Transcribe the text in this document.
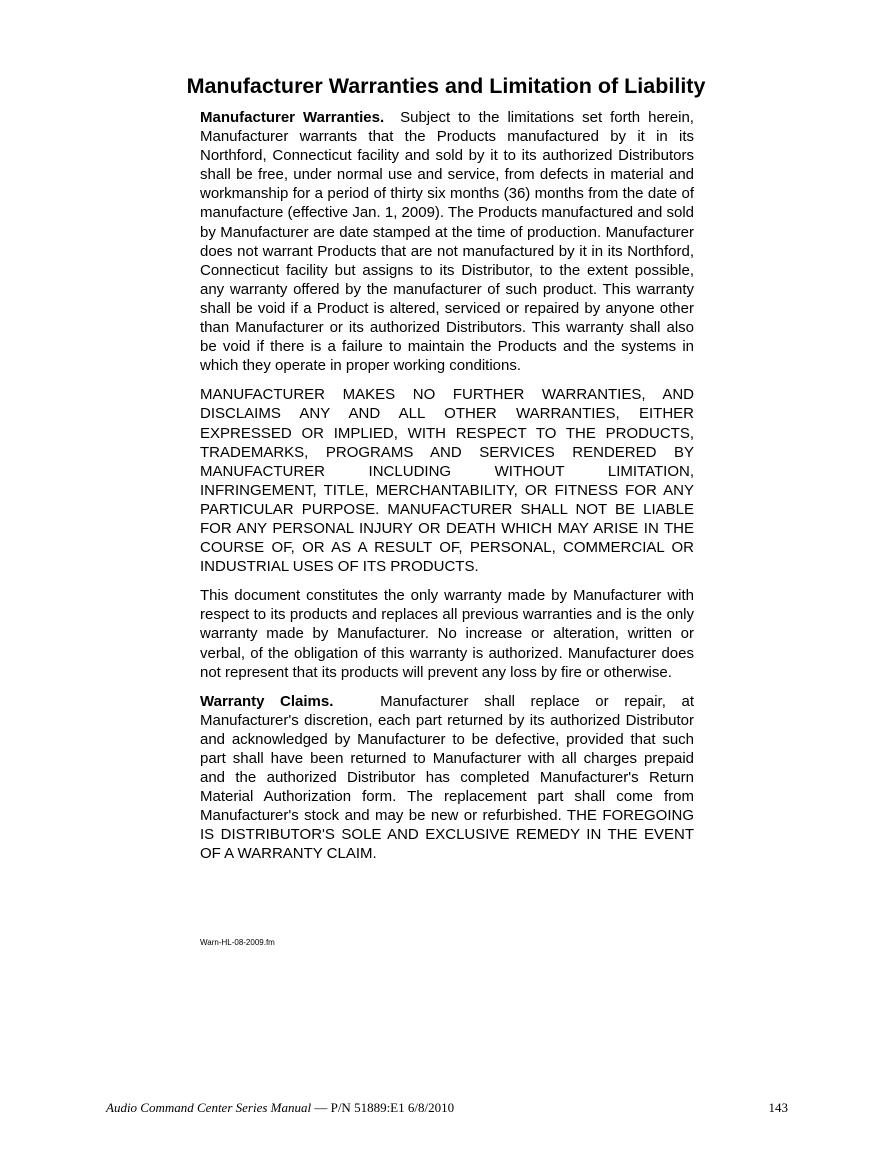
Manufacturer Warranties and Limitation of Liability

Manufacturer Warranties. Subject to the limitations set forth herein, Manufacturer warrants that the Products manufactured by it in its Northford, Connecticut facility and sold by it to its authorized Distributors shall be free, under normal use and service, from defects in material and workmanship for a period of thirty six months (36) months from the date of manufacture (effective Jan. 1, 2009). The Products manufactured and sold by Manufacturer are date stamped at the time of production. Manufacturer does not warrant Products that are not manufactured by it in its Northford, Connecticut facility but assigns to its Distributor, to the extent possible, any warranty offered by the manufacturer of such product. This warranty shall be void if a Product is altered, serviced or repaired by anyone other than Manufacturer or its authorized Distributors. This warranty shall also be void if there is a failure to maintain the Products and the systems in which they operate in proper working conditions.

MANUFACTURER MAKES NO FURTHER WARRANTIES, AND DISCLAIMS ANY AND ALL OTHER WARRANTIES, EITHER EXPRESSED OR IMPLIED, WITH RESPECT TO THE PRODUCTS, TRADEMARKS, PROGRAMS AND SERVICES RENDERED BY MANUFACTURER INCLUDING WITHOUT LIMITATION, INFRINGEMENT, TITLE, MERCHANTABILITY, OR FITNESS FOR ANY PARTICULAR PURPOSE. MANUFACTURER SHALL NOT BE LIABLE FOR ANY PERSONAL INJURY OR DEATH WHICH MAY ARISE IN THE COURSE OF, OR AS A RESULT OF, PERSONAL, COMMERCIAL OR INDUSTRIAL USES OF ITS PRODUCTS.

This document constitutes the only warranty made by Manufacturer with respect to its products and replaces all previous warranties and is the only warranty made by Manufacturer. No increase or alteration, written or verbal, of the obligation of this warranty is authorized. Manufacturer does not represent that its products will prevent any loss by fire or otherwise.

Warranty Claims.	Manufacturer shall replace or repair, at Manufacturer's discretion, each part returned by its authorized Distributor and acknowledged by Manufacturer to be defective, provided that such part shall have been returned to Manufacturer with all charges prepaid and the authorized Distributor has completed Manufacturer's Return Material Authorization form. The replacement part shall come from Manufacturer's stock and may be new or refurbished. THE FOREGOING IS DISTRIBUTOR'S SOLE AND EXCLUSIVE REMEDY IN THE EVENT OF A WARRANTY CLAIM.

Warn-HL-08-2009.fm
Audio Command Center Series Manual — P/N 51889:E1 6/8/2010	143
